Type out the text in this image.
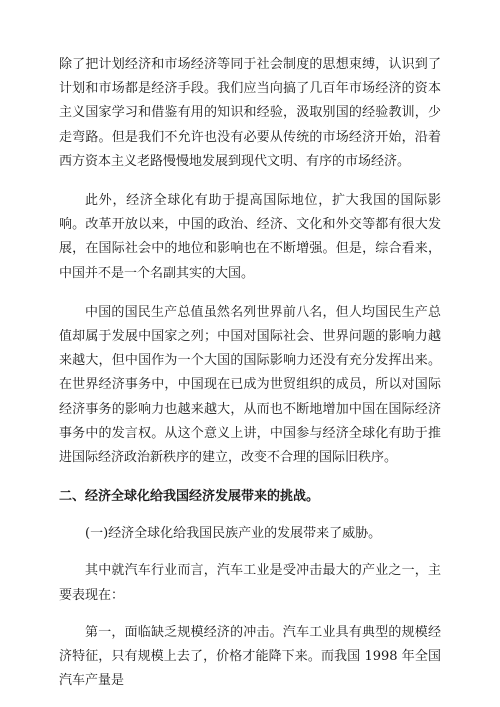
除了把计划经济和市场经济等同于社会制度的思想束缚，认识到了计划和市场都是经济手段。我们应当向搞了几百年市场经济的资本主义国家学习和借鉴有用的知识和经验，汲取别国的经验教训，少走弯路。但是我们不允许也没有必要从传统的市场经济开始，沿着西方资本主义老路慢慢地发展到现代文明、有序的市场经济。

此外，经济全球化有助于提高国际地位，扩大我国的国际影响。改革开放以来，中国的政治、经济、文化和外交等都有很大发展，在国际社会中的地位和影响也在不断增强。但是，综合看来，中国并不是一个名副其实的大国。

中国的国民生产总值虽然名列世界前八名，但人均国民生产总值却属于发展中国家之列；中国对国际社会、世界问题的影响力越来越大，但中国作为一个大国的国际影响力还没有充分发挥出来。在世界经济事务中，中国现在已成为世贸组织的成员，所以对国际经济事务的影响力也越来越大，从而也不断地增加中国在国际经济事务中的发言权。从这个意义上讲，中国参与经济全球化有助于推进国际经济政治新秩序的建立，改变不合理的国际旧秩序。

二、经济全球化给我国经济发展带来的挑战。

(一)经济全球化给我国民族产业的发展带来了威胁。

其中就汽车行业而言，汽车工业是受冲击最大的产业之一，主要表现在：

第一，面临缺乏规模经济的冲击。汽车工业具有典型的规模经济特征，只有规模上去了，价格才能降下来。而我国 1998 年全国汽车产量是
